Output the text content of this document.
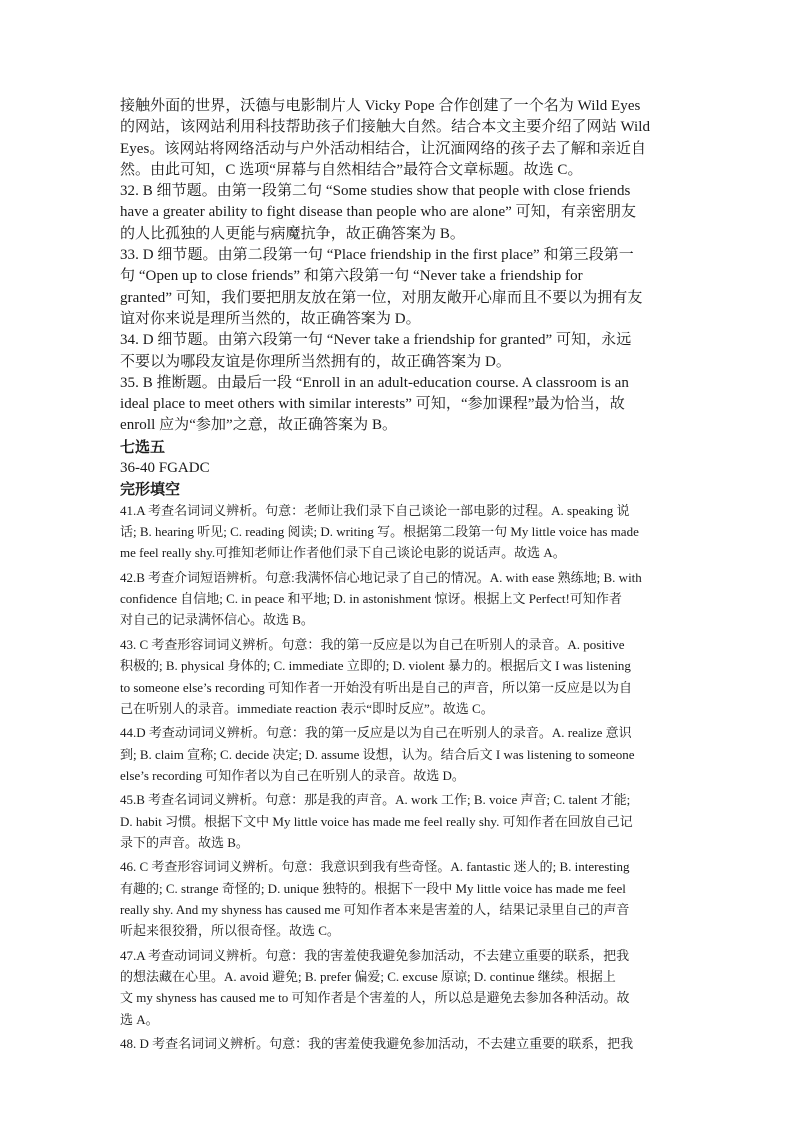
接触外面的世界，沃德与电影制片人 Vicky Pope 合作创建了一个名为 Wild Eyes

的网站，该网站利用科技帮助孩子们接触大自然。结合本文主要介绍了网站 Wild

Eyes。该网站将网络活动与户外活动相结合，让沉湎网络的孩子去了解和亲近自

然。由此可知，C 选项“屏幕与自然相结合”最符合文章标题。故选 C。

32. B 细节题。由第一段第二句 “Some studies show that people with close friends

have a greater ability to fight disease than people who are alone” 可知，有亲密朋友

的人比孤独的人更能与病魔抗争，故正确答案为 B。

33. D 细节题。由第二段第一句 “Place friendship in the first place” 和第三段第一

句 “Open up to close friends” 和第六段第一句 “Never take a friendship for

granted” 可知，我们要把朋友放在第一位，对朋友敞开心扉而且不要以为拥有友

谊对你来说是理所当然的，故正确答案为 D。

34. D 细节题。由第六段第一句 “Never take a friendship for granted” 可知，永远

不要以为哪段友谊是你理所当然拥有的，故正确答案为 D。

35. B 推断题。由最后一段 “Enroll in an adult-education course. A classroom is an

ideal place to meet others with similar interests” 可知，“参加课程”最为恰当，故

enroll 应为“参加”之意，故正确答案为 B。

七选五

36-40 FGADC

完形填空

41.A 考查名词词义辨析。句意：老师让我们录下自己谈论一部电影的过程。A. speaking 说
话; B. hearing 听见; C. reading 阅读; D. writing 写。根据第二段第一句 My little voice has made
me feel really shy.可推知老师让作者他们录下自己谈论电影的说话声。故选 A。
42.B 考查介词短语辨析。句意:我满怀信心地记录了自己的情况。A. with ease 熟练地; B. with
confidence 自信地; C. in peace 和平地; D. in astonishment 惊讶。根据上文 Perfect!可知作者
对自己的记录满怀信心。故选 B。
43. C 考查形容词词义辨析。句意：我的第一反应是以为自己在听别人的录音。A. positive
积极的; B. physical 身体的; C. immediate 立即的; D. violent 暴力的。根据后文 I was listening
to someone else’s recording 可知作者一开始没有听出是自己的声音，所以第一反应是以为自
己在听别人的录音。immediate reaction 表示“即时反应”。故选 C。
44.D 考查动词词义辨析。句意：我的第一反应是以为自己在听别人的录音。A. realize 意识
到; B. claim 宣称; C. decide 决定; D. assume 设想，认为。结合后文 I was listening to someone
else’s recording 可知作者以为自己在听别人的录音。故选 D。
45.B 考查名词词义辨析。句意：那是我的声音。A. work 工作; B. voice 声音; C. talent 才能;
D. habit 习惯。根据下文中 My little voice has made me feel really shy. 可知作者在回放自己记
录下的声音。故选 B。
46. C 考查形容词词义辨析。句意：我意识到我有些奇怪。A. fantastic 迷人的; B. interesting
有趣的; C. strange 奇怪的; D. unique 独特的。根据下一段中 My little voice has made me feel
really shy. And my shyness has caused me 可知作者本来是害羞的人，结果记录里自己的声音
听起来很狡猾，所以很奇怪。故选 C。
47.A 考查动词词义辨析。句意：我的害羞使我避免参加活动，不去建立重要的联系，把我
的想法藏在心里。A. avoid 避免; B. prefer 偏爱; C. excuse 原谅; D. continue 继续。根据上
文 my shyness has caused me to 可知作者是个害羞的人，所以总是避免去参加各种活动。故
选 A。
48. D 考查名词词义辨析。句意：我的害羞使我避免参加活动，不去建立重要的联系，把我
